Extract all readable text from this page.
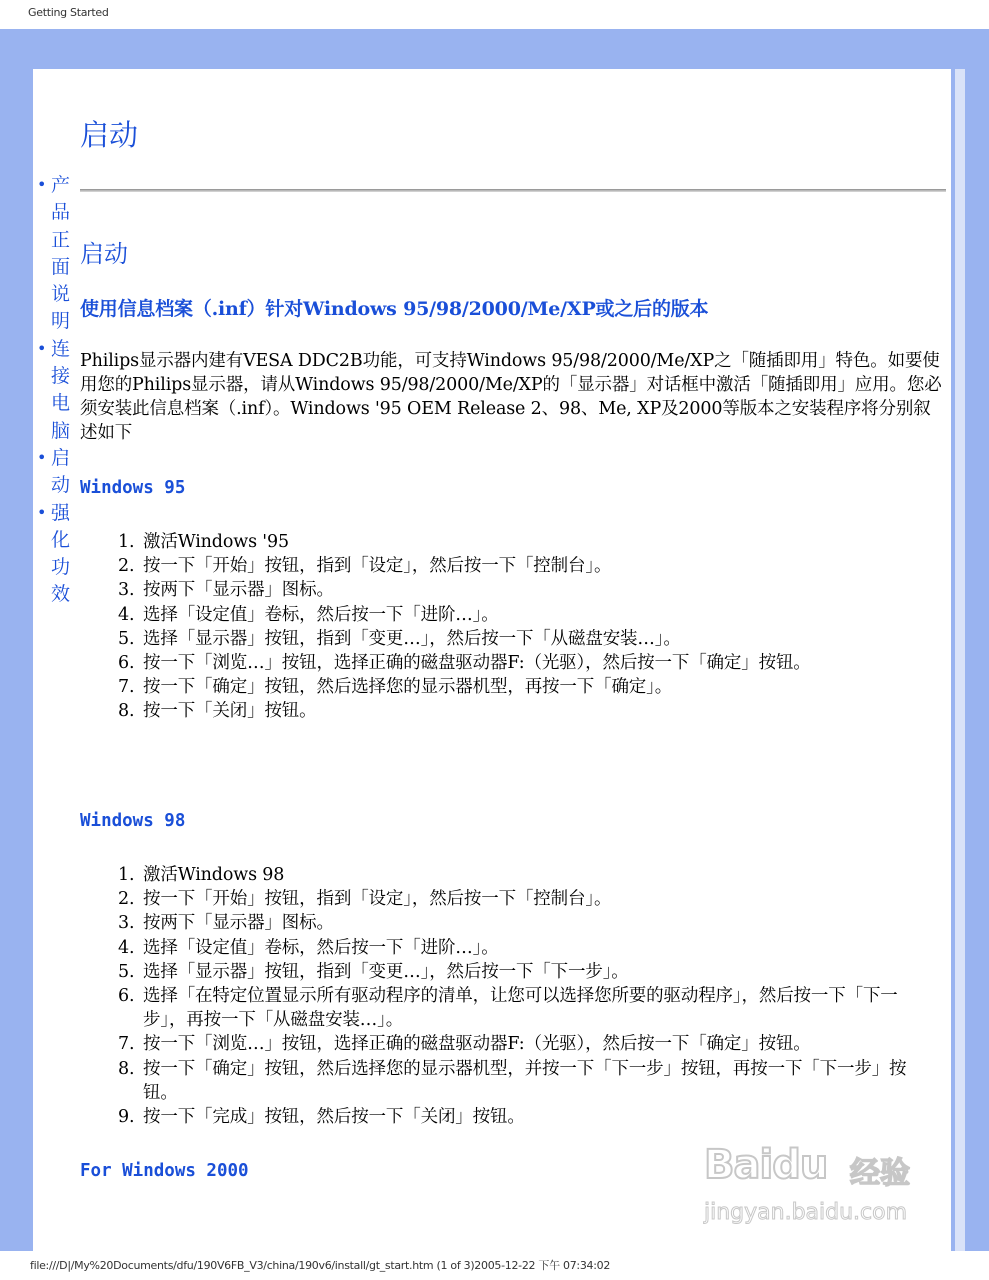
Getting Started
• 产品正面说明
• 连接电脑
• 启动
• 强化功效
启动
启动
使用信息档案（.inf）针对Windows 95/98/2000/Me/XP或之后的版本

Philips显示器内建有VESA DDC2B功能，可支持Windows 95/98/2000/Me/XP之「随插即用」特色。如要使用您的Philips显示器，请从Windows 95/98/2000/Me/XP的「显示器」对话框中激活「随插即用」应用。您必须安装此信息档案（.inf）。Windows '95 OEM Release 2、98、Me, XP及2000等版本之安装程序将分别叙述如下

Windows 95
1. 激活Windows '95
2. 按一下「开始」按钮，指到「设定」，然后按一下「控制台」。
3. 按两下「显示器」图标。
4. 选择「设定值」卷标，然后按一下「进阶…」。
5. 选择「显示器」按钮，指到「变更…」，然后按一下「从磁盘安装…」。
6. 按一下「浏览…」按钮，选择正确的磁盘驱动器F:（光驱），然后按一下「确定」按钮。
7. 按一下「确定」按钮，然后选择您的显示器机型，再按一下「确定」。
8. 按一下「关闭」按钮。
Windows 98
1. 激活Windows 98
2. 按一下「开始」按钮，指到「设定」，然后按一下「控制台」。
3. 按两下「显示器」图标。
4. 选择「设定值」卷标，然后按一下「进阶…」。
5. 选择「显示器」按钮，指到「变更…」，然后按一下「下一步」。
6. 选择「在特定位置显示所有驱动程序的清单，让您可以选择您所要的驱动程序」，然后按一下「下一步」，再按一下「从磁盘安装…」。
7. 按一下「浏览…」按钮，选择正确的磁盘驱动器F:（光驱），然后按一下「确定」按钮。
8. 按一下「确定」按钮，然后选择您的显示器机型，并按一下「下一步」按钮，再按一下「下一步」按钮。
9. 按一下「完成」按钮，然后按一下「关闭」按钮。
For Windows 2000	Baidu 经验
jingyan.baidu.com
file:///D|/My%20Documents/dfu/190V6FB_V3/china/190v6/install/gt_start.htm (1 of 3)2005-12-22 下午 07:34:02
